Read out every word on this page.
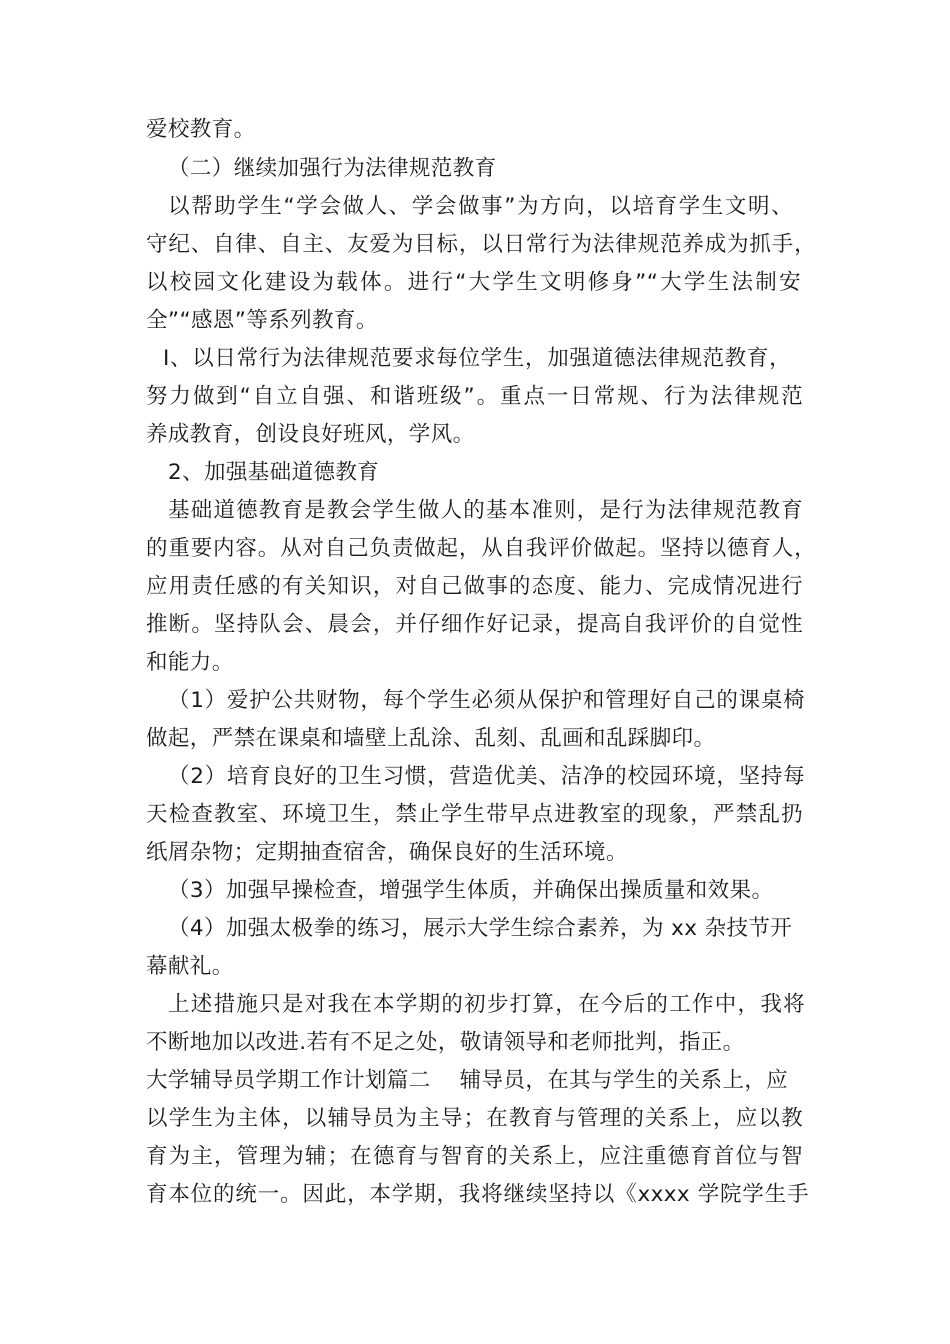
爱校教育。
（二）继续加强行为法律规范教育
以帮助学生“学会做人、学会做事”为方向，以培育学生文明、
守纪、自律、自主、友爱为目标，以日常行为法律规范养成为抓手，
以校园文化建设为载体。进行“大学生文明修身”“大学生法制安
全”“感恩”等系列教育。
I、以日常行为法律规范要求每位学生，加强道德法律规范教育，
努力做到“自立自强、和谐班级”。重点一日常规、行为法律规范
养成教育，创设良好班风，学风。
2、加强基础道德教育
基础道德教育是教会学生做人的基本准则，是行为法律规范教育
的重要内容。从对自己负责做起，从自我评价做起。坚持以德育人，
应用责任感的有关知识，对自己做事的态度、能力、完成情况进行
推断。坚持队会、晨会，并仔细作好记录，提高自我评价的自觉性
和能力。
（1）爱护公共财物，每个学生必须从保护和管理好自己的课桌椅
做起，严禁在课桌和墙壁上乱涂、乱刻、乱画和乱踩脚印。
（2）培育良好的卫生习惯，营造优美、洁净的校园环境，坚持每
天检查教室、环境卫生，禁止学生带早点进教室的现象，严禁乱扔
纸屑杂物；定期抽查宿舍，确保良好的生活环境。
（3）加强早操检查，增强学生体质，并确保出操质量和效果。
（4）加强太极拳的练习，展示大学生综合素养，为 xx 杂技节开
幕献礼。
上述措施只是对我在本学期的初步打算，在今后的工作中，我将
不断地加以改进.若有不足之处，敬请领导和老师批判，指正。
大学辅导员学期工作计划篇二    辅导员，在其与学生的关系上，应
以学生为主体，以辅导员为主导；在教育与管理的关系上，应以教
育为主，管理为辅；在德育与智育的关系上，应注重德育首位与智
育本位的统一。因此，本学期，我将继续坚持以《xxxx 学院学生手
